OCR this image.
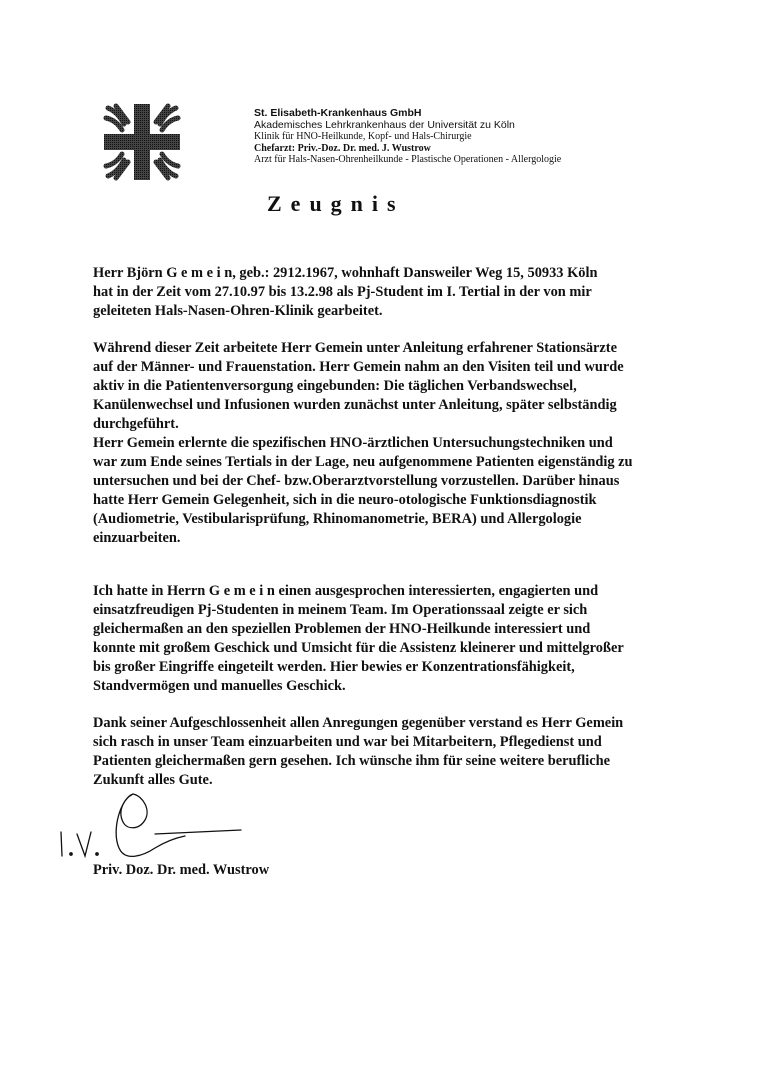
St. Elisabeth-Krankenhaus GmbH
Akademisches Lehrkrankenhaus der Universität zu Köln
Klinik für HNO-Heilkunde, Kopf- und Hals-Chirurgie
Chefarzt: Priv.-Doz. Dr. med. J. Wustrow
Arzt für Hals-Nasen-Ohrenheilkunde - Plastische Operationen - Allergologie
Zeugnis
Herr Björn G e m e i n, geb.: 2912.1967, wohnhaft Dansweiler Weg 15, 50933 Köln
hat in der Zeit vom 27.10.97 bis 13.2.98 als Pj-Student im I. Tertial in der von mir
geleiteten Hals-Nasen-Ohren-Klinik gearbeitet.
Während dieser Zeit arbeitete Herr Gemein unter Anleitung erfahrener Stationsärzte
auf der Männer- und Frauenstation. Herr Gemein nahm an den Visiten teil und wurde
aktiv in die Patientenversorgung eingebunden: Die täglichen Verbandswechsel,
Kanülenwechsel und Infusionen wurden zunächst unter Anleitung, später selbständig
durchgeführt.
Herr Gemein erlernte die spezifischen HNO-ärztlichen Untersuchungstechniken und
war zum Ende seines Tertials in der Lage, neu aufgenommene Patienten eigenständig zu
untersuchen und bei der Chef- bzw.Oberarztvorstellung vorzustellen. Darüber hinaus
hatte Herr Gemein Gelegenheit, sich in die neuro-otologische Funktionsdiagnostik
(Audiometrie, Vestibularisprüfung, Rhinomanometrie, BERA) und Allergologie
einzuarbeiten.
Ich hatte in Herrn G e m e i n einen ausgesprochen interessierten, engagierten und
einsatzfreudigen Pj-Studenten in meinem Team. Im Operationssaal zeigte er sich
gleichermaßen an den speziellen Problemen der HNO-Heilkunde interessiert und
konnte mit großem Geschick und Umsicht für die Assistenz kleinerer und mittelgroßer
bis großer Eingriffe eingeteilt werden. Hier bewies er Konzentrationsfähigkeit,
Standvermögen und manuelles Geschick.
Dank seiner Aufgeschlossenheit allen Anregungen gegenüber verstand es Herr Gemein
sich rasch in unser Team einzuarbeiten und war bei Mitarbeitern, Pflegedienst und
Patienten gleichermaßen gern gesehen. Ich wünsche ihm für seine weitere berufliche
Zukunft alles Gute.
Priv. Doz. Dr. med. Wustrow
